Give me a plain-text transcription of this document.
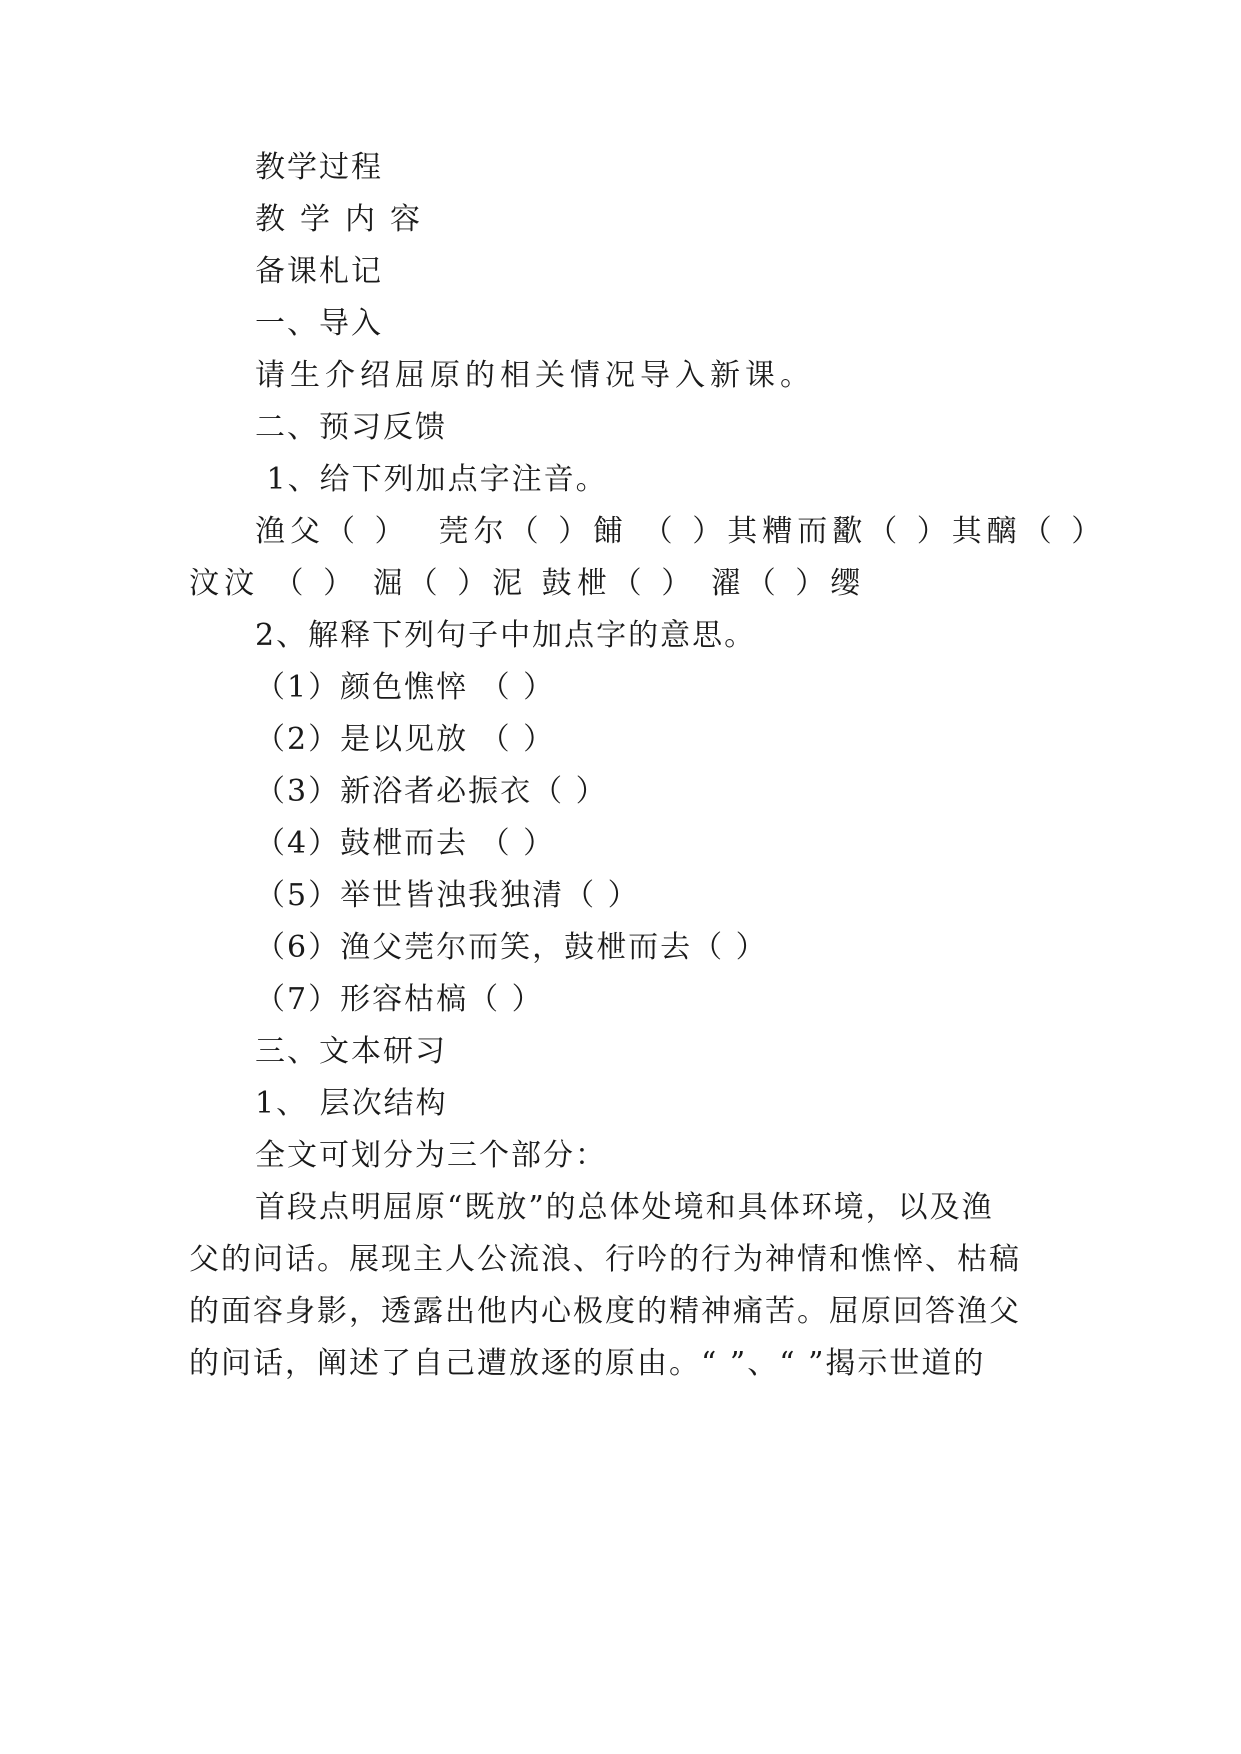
教学过程
教学内容
备课札记
一、导入
请生介绍屈原的相关情况导入新课。
二、预习反馈
1、给下列加点字注音。
渔父（ ）  莞尔（ ）餔 （ ）其糟而歠（ ）其醨（ ）
汶汶 （ ） 淈（ ）泥 鼓枻（ ） 濯（ ）缨
2、解释下列句子中加点字的意思。
（1）颜色憔悴 （ ）
（2）是以见放 （ ）
（3）新浴者必振衣（ ）
（4）鼓枻而去 （ ）
（5）举世皆浊我独清（ ）
（6）渔父莞尔而笑，鼓枻而去（ ）
（7）形容枯槁（ ）
三、文本研习
1、 层次结构
全文可划分为三个部分：
首段点明屈原“既放”的总体处境和具体环境，以及渔
父的问话。展现主人公流浪、行吟的行为神情和憔悴、枯稿
的面容身影，透露出他内心极度的精神痛苦。屈原回答渔父
的问话，阐述了自己遭放逐的原由。“ ”、“ ”揭示世道的
